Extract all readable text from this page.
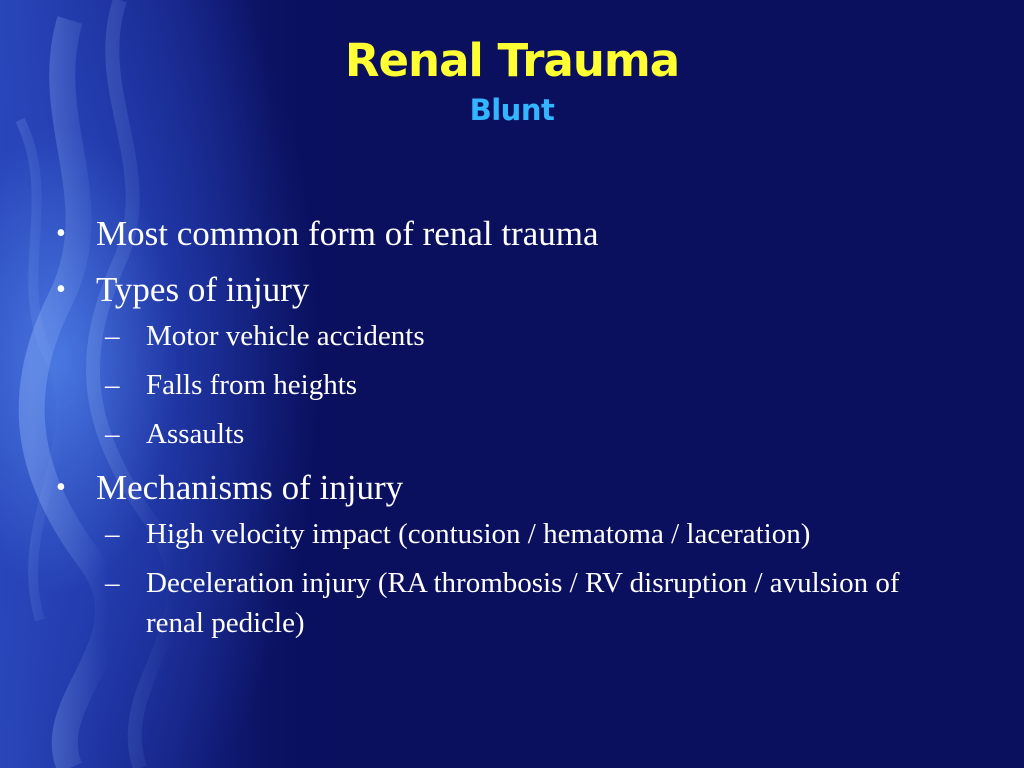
Renal Trauma
Blunt
• Most common form of renal trauma
• Types of injury
– Motor vehicle accidents
– Falls from heights
– Assaults
• Mechanisms of injury
– High velocity impact (contusion / hematoma / laceration)
– Deceleration injury (RA thrombosis / RV disruption / avulsion of renal pedicle)
